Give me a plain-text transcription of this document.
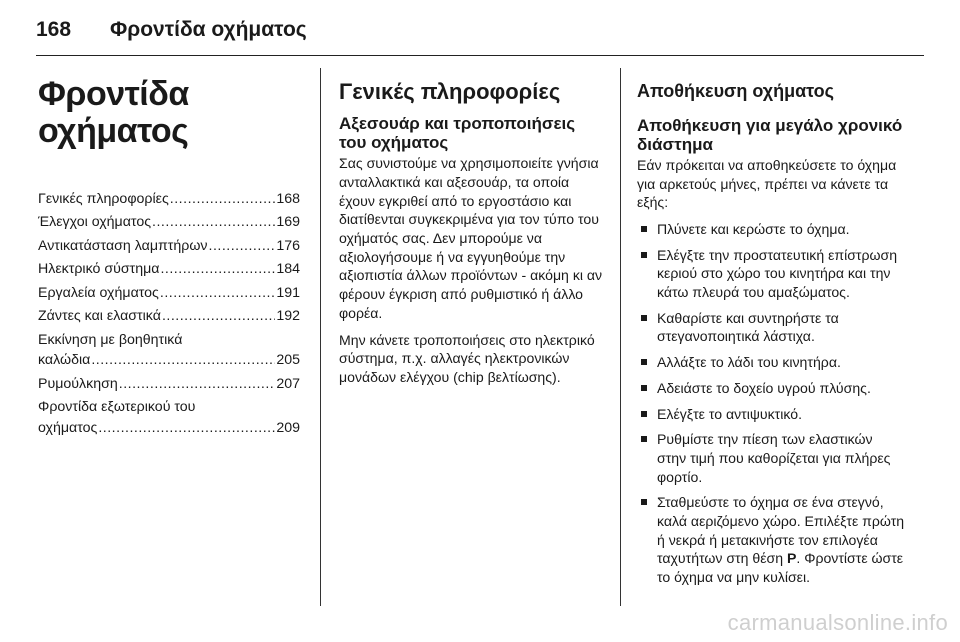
168	Φροντίδα οχήματος
Φροντίδα οχήματος
Γενικές πληροφορίες .....	168
Έλεγχοι οχήματος .....	169
Αντικατάσταση λαμπτήρων .....	176
Ηλεκτρικό σύστημα .....	184
Εργαλεία οχήματος .....	191
Ζάντες και ελαστικά .....	192
Εκκίνηση με βοηθητικά
καλώδια .....	205
Ρυμούλκηση .....	207
Φροντίδα εξωτερικού του
οχήματος .....	209
Γενικές πληροφορίες
Αξεσουάρ και τροποποιήσεις του οχήματος

Σας συνιστούμε να χρησιμοποιείτε γνήσια ανταλλακτικά και αξεσουάρ, τα οποία έχουν εγκριθεί από το εργοστάσιο και διατίθενται συγκεκριμένα για τον τύπο του οχήματός σας. Δεν μπορούμε να αξιολογήσουμε ή να εγγυηθούμε την αξιοπιστία άλλων προϊόντων - ακόμη κι αν φέρουν έγκριση από ρυθμιστικό ή άλλο φορέα.

Μην κάνετε τροποποιήσεις στο ηλεκτρικό σύστημα, π.χ. αλλαγές ηλεκτρονικών μονάδων ελέγχου (chip βελτίωσης).

Αποθήκευση οχήματος
Αποθήκευση για μεγάλο χρονικό διάστημα

Εάν πρόκειται να αποθηκεύσετε το όχημα για αρκετούς μήνες, πρέπει να κάνετε τα εξής:

Πλύνετε και κερώστε το όχημα.
Ελέγξτε την προστατευτική επίστρωση κεριού στο χώρο του κινητήρα και την κάτω πλευρά του αμαξώματος.
Καθαρίστε και συντηρήστε τα στεγανοποιητικά λάστιχα.
Αλλάξτε το λάδι του κινητήρα.
Αδειάστε το δοχείο υγρού πλύσης.
Ελέγξτε το αντιψυκτικό.
Ρυθμίστε την πίεση των ελαστικών στην τιμή που καθορίζεται για πλήρες φορτίο.
Σταθμεύστε το όχημα σε ένα στεγνό, καλά αεριζόμενο χώρο. Επιλέξτε πρώτη ή νεκρά ή μετακινήστε τον επιλογέα ταχυτήτων στη θέση P. Φροντίστε ώστε το όχημα να μην κυλίσει.
carmanualsonline.info
